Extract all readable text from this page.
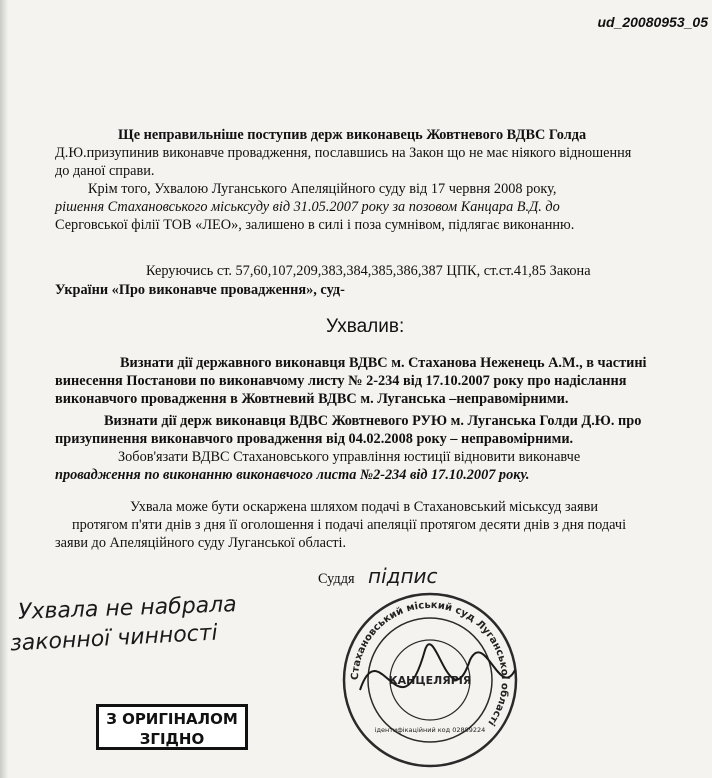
ud_20080953_05
Ще неправильніше поступив держ виконавець Жовтневого ВДВС Голда
Д.Ю.призупинив виконавче провадження, пославшись на Закон що не має ніякого відношення
до даної справи.
Крім того, Ухвалою Луганського Апеляційного суду від 17 червня 2008 року,
рішення Стахановського міськсуду від 31.05.2007 року за позовом Канцара В.Д. до
Серговської філії ТОВ «ЛЕО», залишено в силі і поза сумнівом, підлягає виконанню.
Керуючись ст. 57,60,107,209,383,384,385,386,387 ЦПК, ст.ст.41,85 Закона
України «Про виконавче провадження», суд-
Ухвалив:
Визнати дії державного виконавця ВДВС м. Стаханова Неженець А.М., в частині
винесення Постанови по виконавчому листу № 2-234 від 17.10.2007 року про надіслання
виконавчого провадження в Жовтневий ВДВС м. Луганська –неправомірними.
Визнати дії держ виконавця ВДВС Жовтневого РУЮ м. Луганська Голди Д.Ю. про
призупинення виконавчого провадження від 04.02.2008 року – неправомірними.
Зобов'язати ВДВС Стахановського управління юстиції відновити виконавче
провадження по виконанню виконавчого листа №2-234 від 17.10.2007 року.
Ухвала може бути оскаржена шляхом подачі в Стахановський міськсуд заяви
протягом п'яти днів з дня її оголошення і подачі апеляції протягом десяти днів з дня подачі
заяви до Апеляційного суду Луганської області.
Суддя підпис
Ухвала не набрала
законної чинності
Стахановський міський суд Луганської області
КАНЦЕЛЯРІЯ
ідентифікаційний код 02889224
З ОРИГІНАЛОМ
ЗГІДНО
